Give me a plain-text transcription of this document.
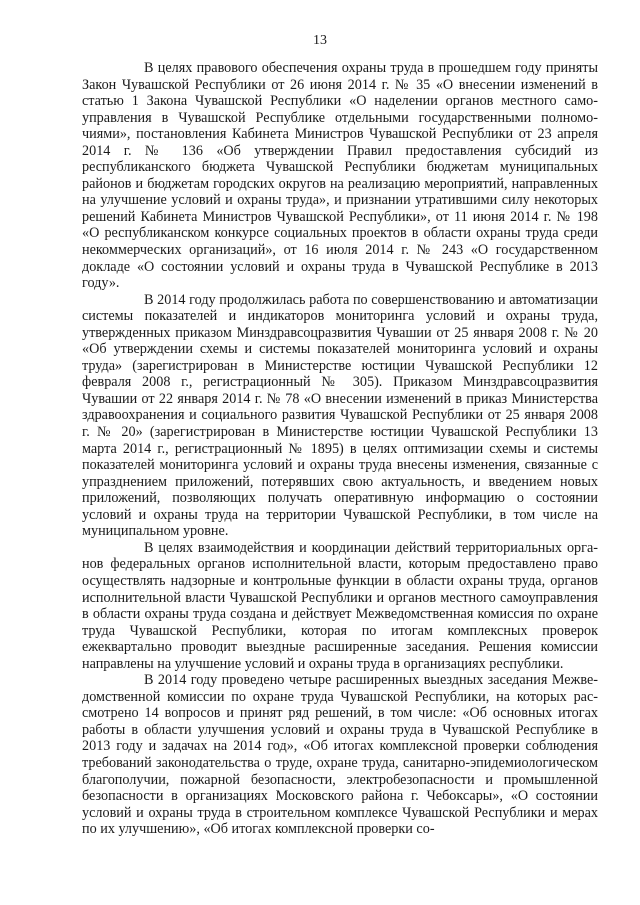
13

В целях правового обеспечения охраны труда в прошедшем году приняты Закон Чувашской Республики от 26 июня 2014 г. № 35 «О внесении изменений в статью 1 Закона Чувашской Республики «О наделении органов местного самоуправления в Чувашской Республике отдельными государственными полномочиями», постановления Кабинета Министров Чувашской Республики от 23 апреля 2014 г. № 136 «Об утверждении Правил предоставления субсидий из республиканского бюджета Чувашской Республики бюджетам муниципальных районов и бюджетам городских округов на реализацию мероприятий, направленных на улучшение условий и охраны труда», и признании утратившими силу некоторых решений Кабинета Министров Чувашской Республики», от 11 июня 2014 г. № 198 «О республиканском конкурсе социальных проектов в области охраны труда среди некоммерческих организаций», от 16 июля 2014 г. № 243 «О государственном докладе «О состоянии условий и охраны труда в Чувашской Республике в 2013 году».

В 2014 году продолжилась работа по совершенствованию и автоматизации системы показателей и индикаторов мониторинга условий и охраны труда, утвержденных приказом Минздравсоцразвития Чувашии от 25 января 2008 г. № 20 «Об утверждении схемы и системы показателей мониторинга условий и охраны труда» (зарегистрирован в Министерстве юстиции Чувашской Республики 12 февраля 2008 г., регистрационный № 305). Приказом Минздравсоцразвития Чувашии от 22 января 2014 г. № 78 «О внесении изменений в приказ Министерства здравоохранения и социального развития Чувашской Республики от 25 января 2008 г. № 20» (зарегистрирован в Министерстве юстиции Чувашской Республики 13 марта 2014 г., регистрационный № 1895) в целях оптимизации схемы и системы показателей мониторинга условий и охраны труда внесены изменения, связанные с упразднением приложений, потерявших свою актуальность, и введением новых приложений, позволяющих получать оперативную информацию о состоянии условий и охраны труда на территории Чувашской Республики, в том числе на муниципальном уровне.

В целях взаимодействия и координации действий территориальных органов федеральных органов исполнительной власти, которым предоставлено право осуществлять надзорные и контрольные функции в области охраны труда, органов исполнительной власти Чувашской Республики и органов местного самоуправления в области охраны труда создана и действует Межведомственная комиссия по охране труда Чувашской Республики, которая по итогам комплексных проверок ежеквартально проводит выездные расширенные заседания. Решения комиссии направлены на улучшение условий и охраны труда в организациях республики.

В 2014 году проведено четыре расширенных выездных заседания Межведомственной комиссии по охране труда Чувашской Республики, на которых рассмотрено 14 вопросов и принят ряд решений, в том числе: «Об основных итогах работы в области улучшения условий и охраны труда в Чувашской Республике в 2013 году и задачах на 2014 год», «Об итогах комплексной проверки соблюдения требований законодательства о труде, охране труда, санитарно-эпидемиологическом благополучии, пожарной безопасности, электробезопасности и промышленной безопасности в организациях Московского района г. Чебоксары», «О состоянии условий и охраны труда в строительном комплексе Чувашской Республики и мерах по их улучшению», «Об итогах комплексной проверки со-
